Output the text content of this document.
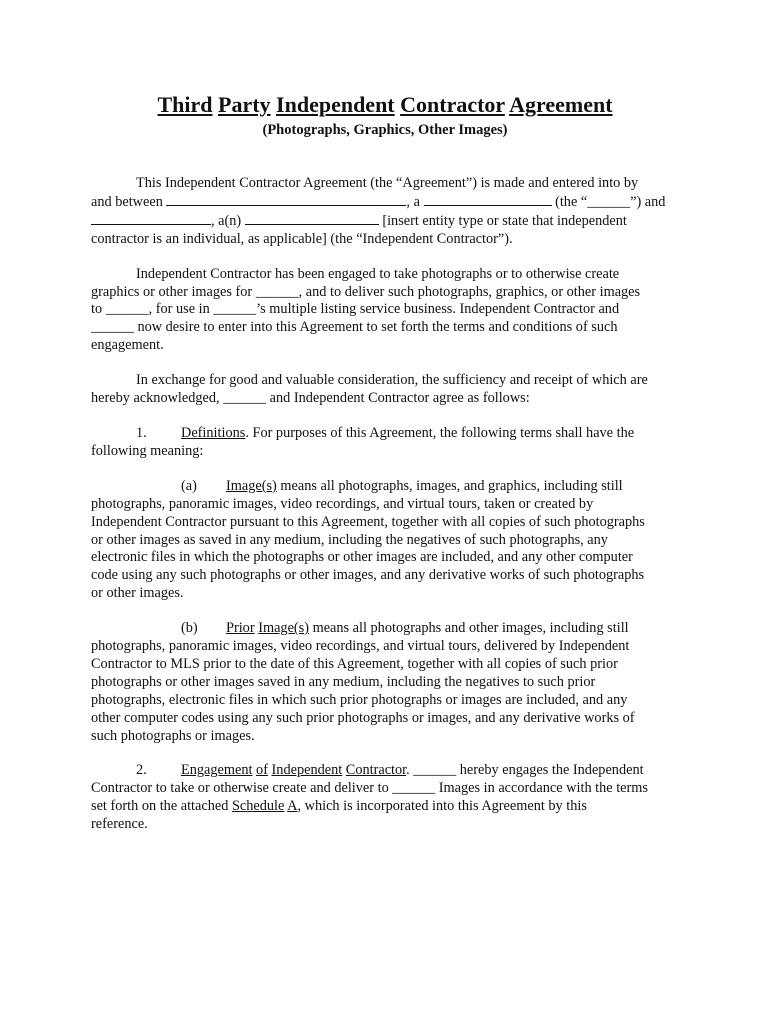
Third Party Independent Contractor Agreement
(Photographs, Graphics, Other Images)

This Independent Contractor Agreement (the “Agreement”) is made and entered into by
and between	, a	(the “______”) and
, a(n)	[insert entity type or state that independent
contractor is an individual, as applicable] (the “Independent Contractor”).

Independent Contractor has been engaged to take photographs or to otherwise create
graphics or other images for ______, and to deliver such photographs, graphics, or other images
to ______, for use in ______’s multiple listing service business. Independent Contractor and
______ now desire to enter into this Agreement to set forth the terms and conditions of such
engagement.

In exchange for good and valuable consideration, the sufficiency and receipt of which are
hereby acknowledged, ______ and Independent Contractor agree as follows:

1. Definitions. For purposes of this Agreement, the following terms shall have the
following meaning:

(a) Image(s) means all photographs, images, and graphics, including still
photographs, panoramic images, video recordings, and virtual tours, taken or created by
Independent Contractor pursuant to this Agreement, together with all copies of such photographs
or other images as saved in any medium, including the negatives of such photographs, any
electronic files in which the photographs or other images are included, and any other computer
code using any such photographs or other images, and any derivative works of such photographs
or other images.

(b) Prior Image(s) means all photographs and other images, including still
photographs, panoramic images, video recordings, and virtual tours, delivered by Independent
Contractor to MLS prior to the date of this Agreement, together with all copies of such prior
photographs or other images saved in any medium, including the negatives to such prior
photographs, electronic files in which such prior photographs or images are included, and any
other computer codes using any such prior photographs or images, and any derivative works of
such photographs or images.

2. Engagement of Independent Contractor. ______ hereby engages the Independent
Contractor to take or otherwise create and deliver to ______ Images in accordance with the terms
set forth on the attached Schedule A, which is incorporated into this Agreement by this
reference.
